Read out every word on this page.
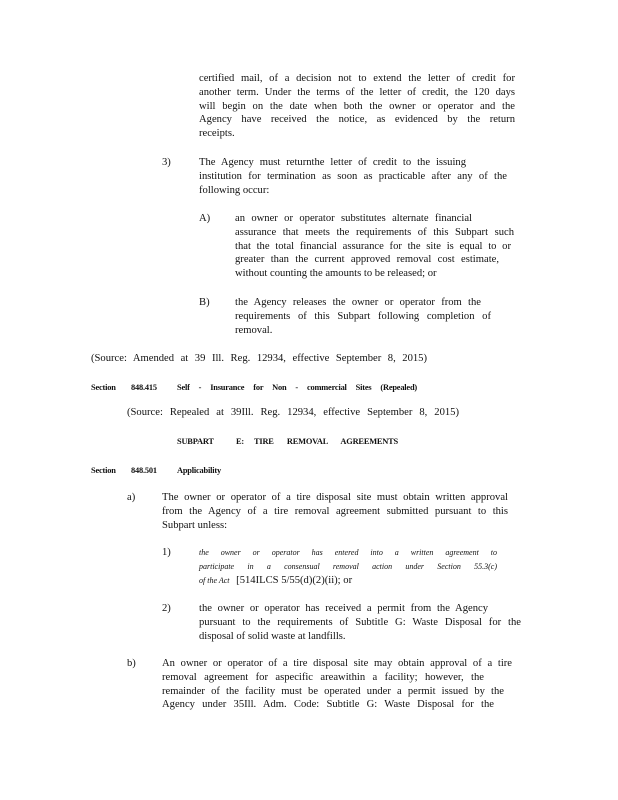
certified mail, of a decision not to extend the letter of credit for
another term. Under the terms of the letter of credit, the 120 days
will begin on the date when both the owner or operator and the
Agency have received the notice, as evidenced by the return
receipts.
3)	The Agency must returnthe letter of credit to the issuing
institution for termination as soon as practicable after any of the
following occur:
A) an owner or operator substitutes alternate financial
assurance that meets the requirements of this Subpart such
that the total financial assurance for the site is equal to or
greater than the current approved removal cost estimate,
without counting the amounts to be released; or
B) the Agency releases the owner or operator from the
requirements of this Subpart following completion of
removal.
(Source: Amended at 39 Ill. Reg. 12934, effective September 8, 2015)
Section 848.415 Self - Insurance for Non - commercial Sites (Repealed)
(Source: Repealed at 39Ill. Reg. 12934, effective September 8, 2015)
SUBPART	E: TIRE REMOVAL AGREEMENTS
Section 848.501 Applicability
a)	The owner or operator of a tire disposal site must obtain written approval
from the Agency of a tire removal agreement submitted pursuant to this
Subpart unless:
1)	the owner or operator has entered into a written agreement to
participate in a consensual removal action under Section 55.3(c)
of the Act [514ILCS 5/55(d)(2)(ii); or
2)	the owner or operator has received a permit from the Agency
pursuant to the requirements of Subtitle G: Waste Disposal for the
disposal of solid waste at landfills.
b) An owner or operator of a tire disposal site may obtain approval of a tire
removal agreement for aspecific areawithin a facility; however, the
remainder of the facility must be operated under a permit issued by the
Agency under 35Ill. Adm. Code: Subtitle G: Waste Disposal for the
